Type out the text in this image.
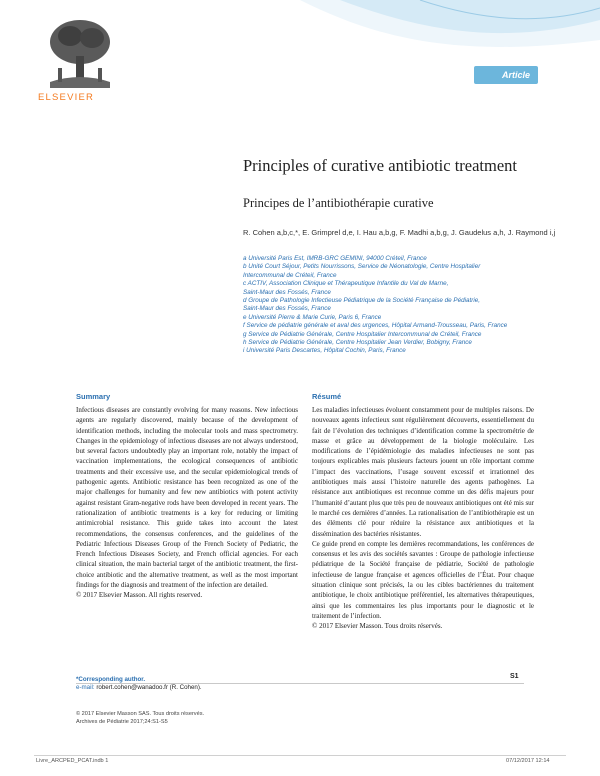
Article
ELSEVIER
Principles of curative antibiotic treatment
Principes de l’antibiothérapie curative
R. Cohen a,b,c,*, E. Grimprel d,e, I. Hau a,b,g, F. Madhi a,b,g, J. Gaudelus a,h, J. Raymond i,j
a Université Paris Est, IMRB-GRC GEMINI, 94000 Créteil, France
b Unité Court Séjour, Petits Nourrissons, Service de Néonatologie, Centre Hospitalier
Intercommunal de Créteil, France
c ACTIV, Association Clinique et Thérapeutique Infantile du Val de Marne,
Saint-Maur des Fossés, France
d Groupe de Pathologie Infectieuse Pédiatrique de la Société Française de Pédiatrie,
Saint-Maur des Fossés, France
e Université Pierre & Marie Curie, Paris 6, France
f Service de pédiatrie générale et aval des urgences, Hôpital Armand-Trousseau, Paris, France
g Service de Pédiatrie Générale, Centre Hospitalier Intercommunal de Créteil, France
h Service de Pédiatrie Générale, Centre Hospitalier Jean Verdier, Bobigny, France
i Université Paris Descartes, Hôpital Cochin, Paris, France
Summary

Infectious diseases are constantly evolving for many reasons. New infectious agents are regularly discovered, mainly because of the development of identification methods, including the molecular tools and mass spectrometry. Changes in the epidemiology of infectious diseases are not always understood, but several factors undoubtedly play an important role, notably the impact of vaccination implementations, the ecological consequences of antibiotic treatments and their excessive use, and the secular epidemiological trends of pathogenic agents. Antibiotic resistance has been recognized as one of the major challenges for humanity and few new antibiotics with potent activity against resistant Gram-negative rods have been developed in recent years. The rationalization of antibiotic treatments is a key for reducing or limiting antimicrobial resistance. This guide takes into account the latest recommendations, the consensus conferences, and the guidelines of the Pediatric Infectious Diseases Group of the French Society of Pediatric, the French Infectious Diseases Society, and French official agencies. For each clinical situation, the main bacterial target of the antibiotic treatment, the first-choice antibiotic and the alternative treatment, as well as the most important findings for the diagnosis and treatment of the infection are detailed.

© 2017 Elsevier Masson. All rights reserved.
Résumé

Les maladies infectieuses évoluent constamment pour de multiples raisons. De nouveaux agents infectieux sont régulièrement découverts, essentiellement du fait de l’évolution des techniques d’identification comme la spectrométrie de masse et grâce au développement de la biologie moléculaire. Les modifications de l’épidémiologie des maladies infectieuses ne sont pas toujours explicables mais plusieurs facteurs jouent un rôle important comme l’impact des vaccinations, l’usage souvent excessif et irrationnel des antibiotiques mais aussi l’histoire naturelle des agents pathogènes. La résistance aux antibiotiques est reconnue comme un des défis majeurs pour l’humanité d’autant plus que très peu de nouveaux antibiotiques ont été mis sur le marché ces dernières d’années. La rationalisation de l’antibiothérapie est un des éléments clé pour réduire la résistance aux antibiotiques et la dissémination des bactéries résistantes.

Ce guide prend en compte les dernières recommandations, les conférences de consensus et les avis des sociétés savantes : Groupe de pathologie infectieuse pédiatrique de la Société française de pédiatrie, Société de pathologie infectieuse de langue française et agences officielles de l’État. Pour chaque situation clinique sont précisés, la ou les cibles bactériennes du traitement antibiotique, le choix antibiotique préférentiel, les alternatives thérapeutiques, ainsi que les commentaires les plus importants pour le diagnostic et le traitement de l’infection.

© 2017 Elsevier Masson. Tous droits réservés.
*Corresponding author.
e-mail: robert.cohen@wanadoo.fr (R. Cohen).
S1
© 2017 Elsevier Masson SAS. Tous droits réservés.
Archives de Pédiatrie 2017;24:S1-S5
Livre_ARCPED_PCAT.indb 1	07/12/2017 12:14
